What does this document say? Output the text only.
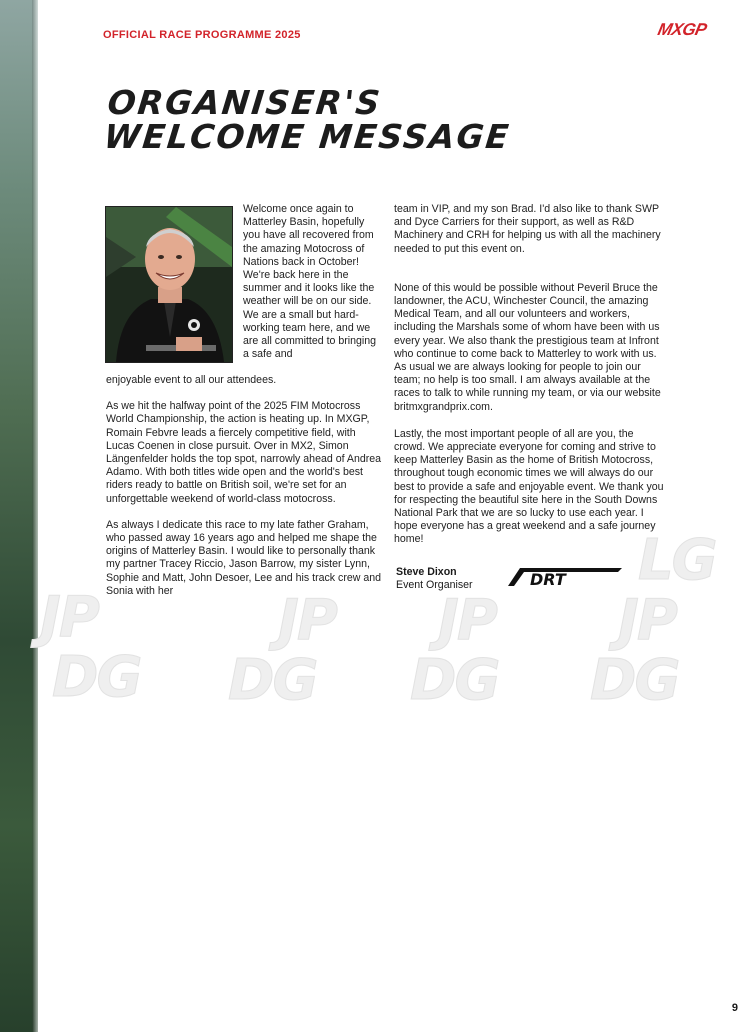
JP
DG
JP
DG
JP
DG
LG
JP
DG
OFFICIAL RACE PROGRAMME 2025	MXGP
ORGANISER'S
WELCOME MESSAGE
Welcome once again to Matterley Basin, hopefully you have all recovered from the amazing Motocross of Nations back in October! We're back here in the summer and it looks like the weather will be on our side. We are a small but hard-working team here, and we are all committed to bringing a safe and

enjoyable event to all our attendees.

As we hit the halfway point of the 2025 FIM Motocross World Championship, the action is heating up. In MXGP, Romain Febvre leads a fiercely competitive field, with Lucas Coenen in close pursuit. Over in MX2, Simon Längenfelder holds the top spot, narrowly ahead of Andrea Adamo. With both titles wide open and the world's best riders ready to battle on British soil, we're set for an unforgettable weekend of world-class motocross.

As always I dedicate this race to my late father Graham, who passed away 16 years ago and helped me shape the origins of Matterley Basin. I would like to personally thank my partner Tracey Riccio, Jason Barrow, my sister Lynn, Sophie and Matt, John Desoer, Lee and his track crew and Sonia with her

team in VIP, and my son Brad. I'd also like to thank SWP and Dyce Carriers for their support, as well as R&D Machinery and CRH for helping us with all the machinery needed to put this event on.

None of this would be possible without Peveril Bruce the landowner, the ACU, Winchester Council, the amazing Medical Team, and all our volunteers and workers, including the Marshals some of whom have been with us every year. We also thank the prestigious team at Infront who continue to come back to Matterley to work with us. As usual we are always looking for people to join our team; no help is too small. I am always available at the races to talk to while running my team, or via our website britmxgrandprix.com.

Lastly, the most important people of all are you, the crowd. We appreciate everyone for coming and strive to keep Matterley Basin as the home of British Motocross, throughout tough economic times we will always do our best to provide a safe and enjoyable event. We thank you for respecting the beautiful site here in the South Downs National Park that we are so lucky to use each year. I hope everyone has a great weekend and a safe journey home!

Steve Dixon
Event Organiser	DRT
9
